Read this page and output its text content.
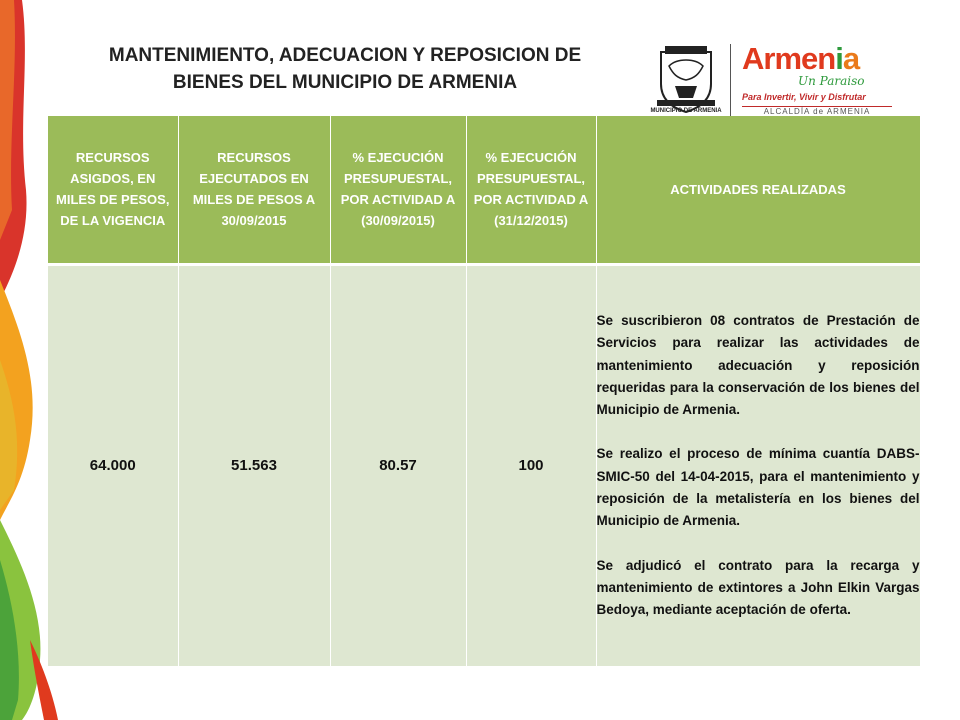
MANTENIMIENTO, ADECUACION Y REPOSICION DE
BIENES DEL MUNICIPIO DE ARMENIA
MUNICIPIO DE ARMENIA
Armenia
Un Paraiso
Para Invertir, Vivir y Disfrutar
ALCALDÍA de ARMENIA
RECURSOS ASIGDOS, EN MILES DE PESOS, DE LA VIGENCIA	RECURSOS EJECUTADOS EN MILES DE PESOS A 30/09/2015	% EJECUCIÓN PRESUPUESTAL, POR ACTIVIDAD A (30/09/2015)	% EJECUCIÓN PRESUPUESTAL, POR ACTIVIDAD A (31/12/2015)	ACTIVIDADES REALIZADAS
64.000	51.563	80.57	100	Se suscribieron 08 contratos de Prestación de Servicios para realizar las actividades de mantenimiento adecuación y reposición requeridas para la conservación de los bienes del Municipio de Armenia.

Se realizo el proceso de mínima cuantía DABS-SMIC-50 del 14-04-2015, para el mantenimiento y reposición de la metalistería en los bienes del Municipio de Armenia.

Se adjudicó el contrato para la recarga y mantenimiento de extintores a John Elkin Vargas Bedoya, mediante aceptación de oferta.
